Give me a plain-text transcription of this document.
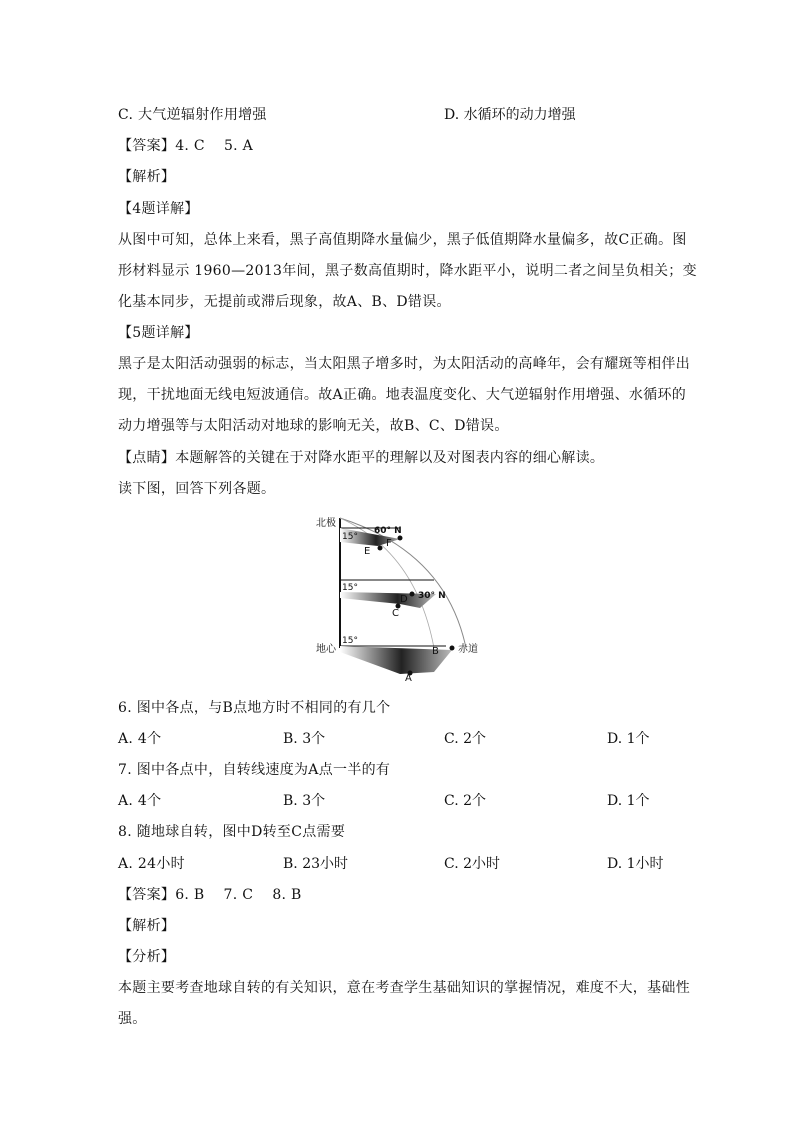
C. 大气逆辐射作用增强	D. 水循环的动力增强
【答案】4. C　 5. A
【解析】
【4题详解】
从图中可知，总体上来看，黑子高值期降水量偏少，黑子低值期降水量偏多，故C正确。图
形材料显示 1960—2013年间，黑子数高值期时，降水距平小，说明二者之间呈负相关；变
化基本同步，无提前或滞后现象，故A、B、D错误。
【5题详解】
黑子是太阳活动强弱的标志，当太阳黑子增多时，为太阳活动的高峰年，会有耀斑等相伴出
现，干扰地面无线电短波通信。故A正确。地表温度变化、大气逆辐射作用增强、水循环的
动力增强等与太阳活动对地球的影响无关，故B、C、D错误。
【点睛】本题解答的关键在于对降水距平的理解以及对图表内容的细心解读。
读下图，回答下列各题。
北极
地心	赤道
60° N
30° N
15°
15°
15°
A
B
C
D
E
F
6. 图中各点，与B点地方时不相同的有几个
A. 4个	B. 3个	C. 2个	D. 1个
7. 图中各点中，自转线速度为A点一半的有
A. 4个	B. 3个	C. 2个	D. 1个
8. 随地球自转，图中D转至C点需要
A. 24小时	B. 23小时	C. 2小时	D. 1小时
【答案】6. B　 7. C　 8. B
【解析】
【分析】
本题主要考查地球自转的有关知识，意在考查学生基础知识的掌握情况，难度不大，基础性
强。
